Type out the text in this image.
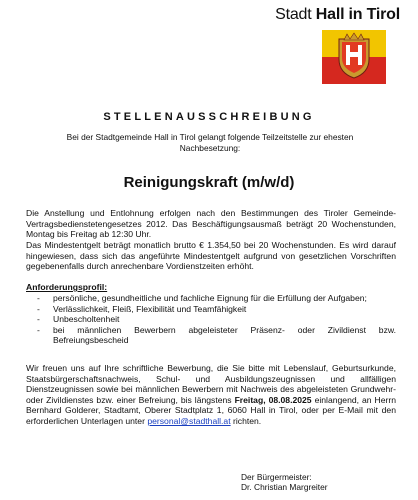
Stadt Hall in Tirol
STELLENAUSSCHREIBUNG
Bei der Stadtgemeinde Hall in Tirol gelangt folgende Teilzeitstelle zur ehesten Nachbesetzung:
Reinigungskraft (m/w/d)
Die Anstellung und Entlohnung erfolgen nach den Bestimmungen des Tiroler Gemeinde-Vertragsbedienstetengesetzes 2012. Das Beschäftigungsausmaß beträgt 20 Wochenstunden, Montag bis Freitag ab 12:30 Uhr.
Das Mindestentgelt beträgt monatlich brutto € 1.354,50 bei 20 Wochenstunden. Es wird darauf hingewiesen, dass sich das angeführte Mindestentgelt aufgrund von gesetzlichen Vorschriften gegebenenfalls durch anrechenbare Vordienstzeiten erhöht.
Anforderungsprofil:
- persönliche, gesundheitliche und fachliche Eignung für die Erfüllung der Aufgaben;
- Verlässlichkeit, Fleiß, Flexibilität und Teamfähigkeit
- Unbescholtenheit
- bei männlichen Bewerbern abgeleisteter Präsenz- oder Zivildienst bzw. Befreiungsbescheid
Wir freuen uns auf Ihre schriftliche Bewerbung, die Sie bitte mit Lebenslauf, Geburtsurkunde, Staatsbürgerschaftsnachweis, Schul- und Ausbildungszeugnissen und allfälligen Dienstzeugnissen sowie bei männlichen Bewerbern mit Nachweis des abgeleisteten Grundwehr- oder Zivildienstes bzw. einer Befreiung, bis längstens Freitag, 08.08.2025 einlangend, an Herrn Bernhard Golderer, Stadtamt, Oberer Stadtplatz 1, 6060 Hall in Tirol, oder per E-Mail mit den erforderlichen Unterlagen unter personal@stadthall.at richten.
Der Bürgermeister:
Dr. Christian Margreiter
